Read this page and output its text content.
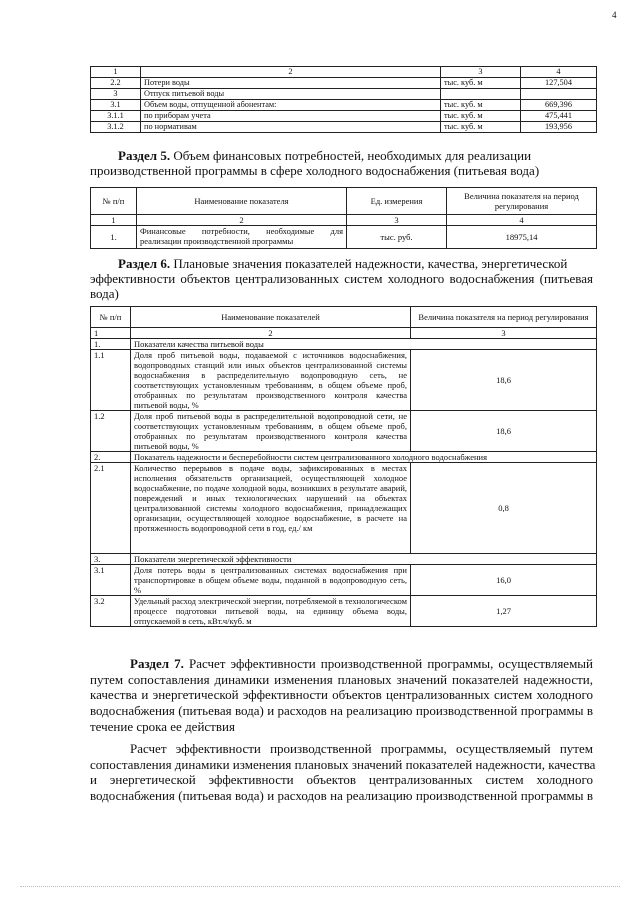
4
1	2	3	4
2.2	Потери воды	тыс. куб. м	127,504
3	Отпуск питьевой воды		
3.1	Объем воды, отпущенной абонентам:	тыс. куб. м	669,396
3.1.1	по приборам учета	тыс. куб. м	475,441
3.1.2	по нормативам	тыс. куб. м	193,956
Раздел 5. Объем финансовых потребностей, необходимых для реализации
производственной программы в сфере холодного водоснабжения (питьевая вода)
№ п/п	Наименование показателя	Ед. измерения	Величина показателя на период регулирования
1	2	3	4
1.	Финансовые потребности, необходимые для реализации производственной программы	тыс. руб.	18975,14
Раздел 6. Плановые значения показателей надежности, качества, энергетической
эффективности объектов централизованных систем холодного водоснабжения (питьевая вода)
№ п/п	Наименование показателей	Величина показателя на период регулирования
1	2	3
1.	Показатели качества питьевой воды	
1.1	Доля проб питьевой воды, подаваемой с источников водоснабжения, водопроводных станций или иных объектов централизованной системы водоснабжения в распределительную водопроводную сеть, не соответствующих установленным требованиям, в общем объеме проб, отобранных по результатам производственного контроля качества питьевой воды, %	18,6
1.2	Доля проб питьевой воды в распределительной водопроводной сети, не соответствующих установленным требованиям, в общем объеме проб, отобранных по результатам производственного контроля качества питьевой воды, %	18,6
2.	Показатель надежности и бесперебойности систем централизованного холодного водоснабжения	
2.1	Количество перерывов в подаче воды, зафиксированных в местах исполнения обязательств организацией, осуществляющей холодное водоснабжение, по подаче холодной воды, возникших в результате аварий, повреждений и иных технологических нарушений на объектах централизованной системы холодного водоснабжения, принадлежащих организации, осуществляющей холодное водоснабжение, в расчете на протяженность водопроводной сети в год, ед./ км	0,8
3.	Показатели энергетической эффективности	
3.1	Доля потерь воды в централизованных системах водоснабжения при транспортировке в общем объеме воды, поданной в водопроводную сеть, %	16,0
3.2	Удельный расход электрической энергии, потребляемой в технологическом процессе подготовки питьевой воды, на единицу объема воды, отпускаемой в сеть, кВт.ч/куб. м	1,27
Раздел 7. Расчет эффективности производственной программы, осуществляемый
путем сопоставления динамики изменения плановых значений показателей надежности,
качества и энергетической эффективности объектов централизованных систем холодного
водоснабжения (питьевая вода) и расходов на реализацию производственной программы в
течение срока ее действия
Расчет эффективности производственной программы, осуществляемый путем
сопоставления динамики изменения плановых значений показателей надежности, качества
и энергетической эффективности объектов централизованных систем холодного
водоснабжения (питьевая вода) и расходов на реализацию производственной программы в
